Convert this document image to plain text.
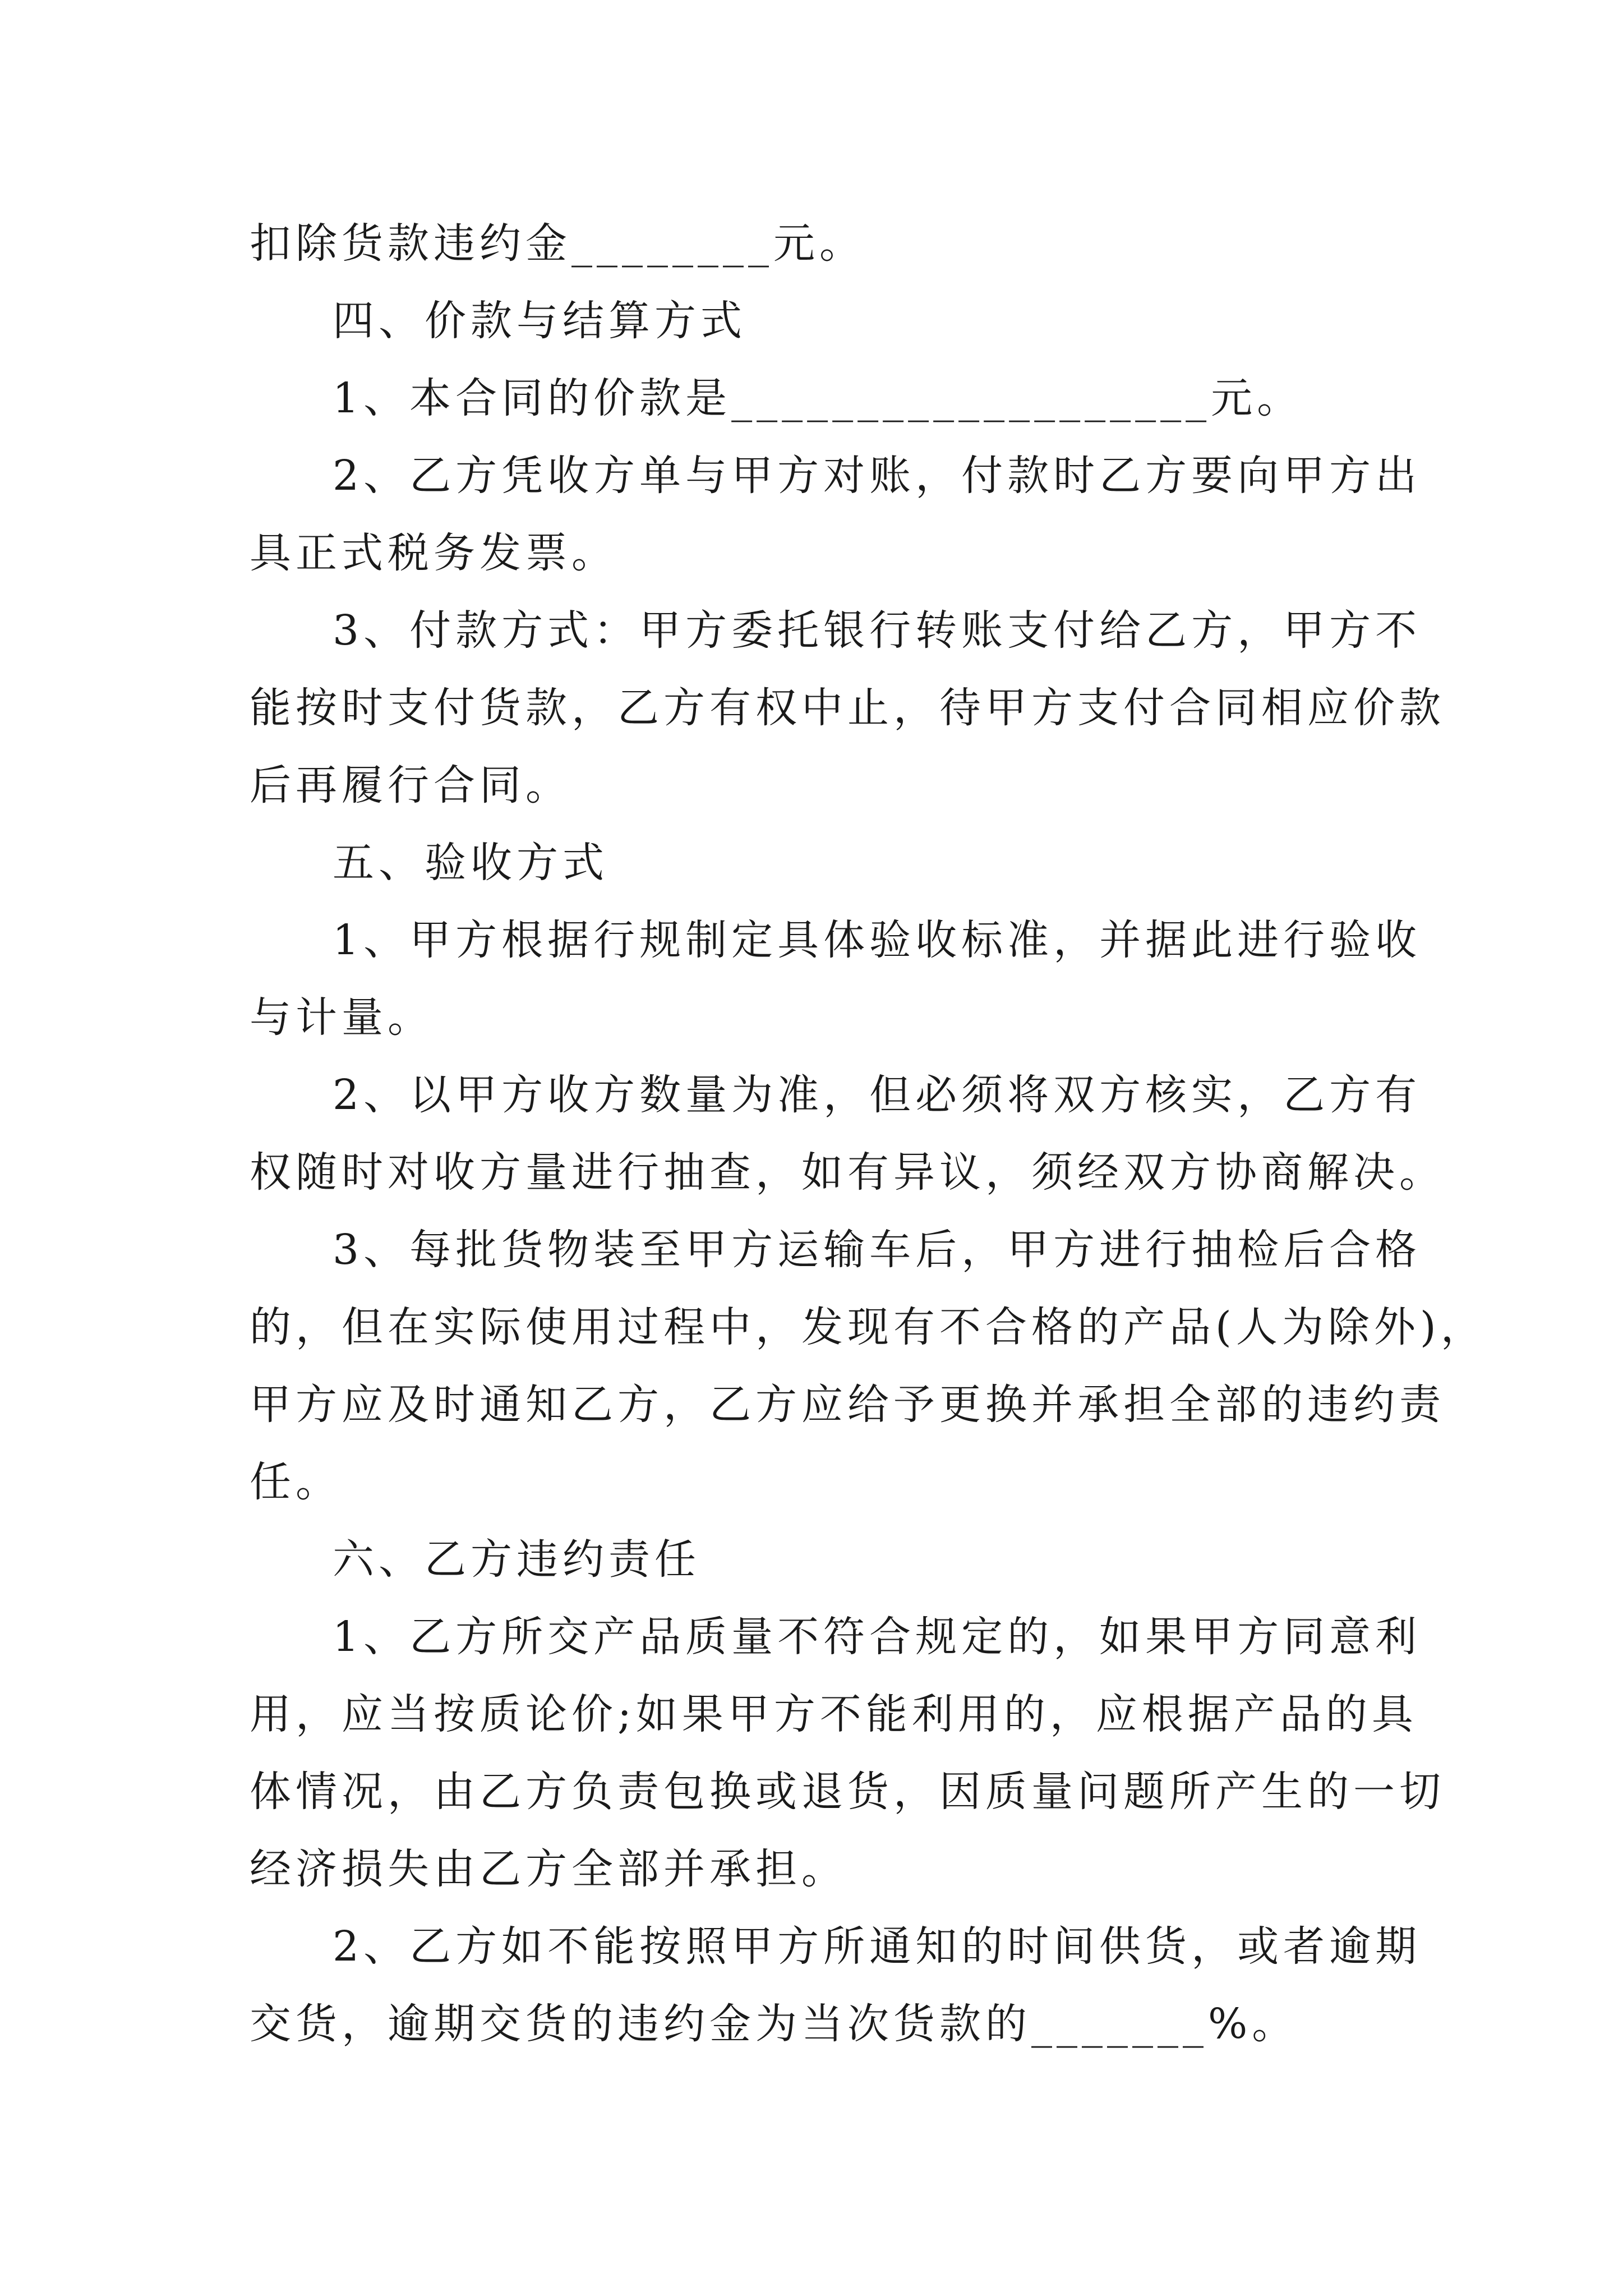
扣除货款违约金________元。
四、价款与结算方式
1、本合同的价款是___________________元。
2、乙方凭收方单与甲方对账，付款时乙方要向甲方出
具正式税务发票。
3、付款方式：甲方委托银行转账支付给乙方，甲方不
能按时支付货款，乙方有权中止，待甲方支付合同相应价款
后再履行合同。
五、验收方式
1、甲方根据行规制定具体验收标准，并据此进行验收
与计量。
2、以甲方收方数量为准，但必须将双方核实，乙方有
权随时对收方量进行抽查，如有异议，须经双方协商解决。
3、每批货物装至甲方运输车后，甲方进行抽检后合格
的，但在实际使用过程中，发现有不合格的产品(人为除外)，
甲方应及时通知乙方，乙方应给予更换并承担全部的违约责
任。
六、乙方违约责任
1、乙方所交产品质量不符合规定的，如果甲方同意利
用，应当按质论价;如果甲方不能利用的，应根据产品的具
体情况，由乙方负责包换或退货，因质量问题所产生的一切
经济损失由乙方全部并承担。
2、乙方如不能按照甲方所通知的时间供货，或者逾期
交货，逾期交货的违约金为当次货款的_______%。
